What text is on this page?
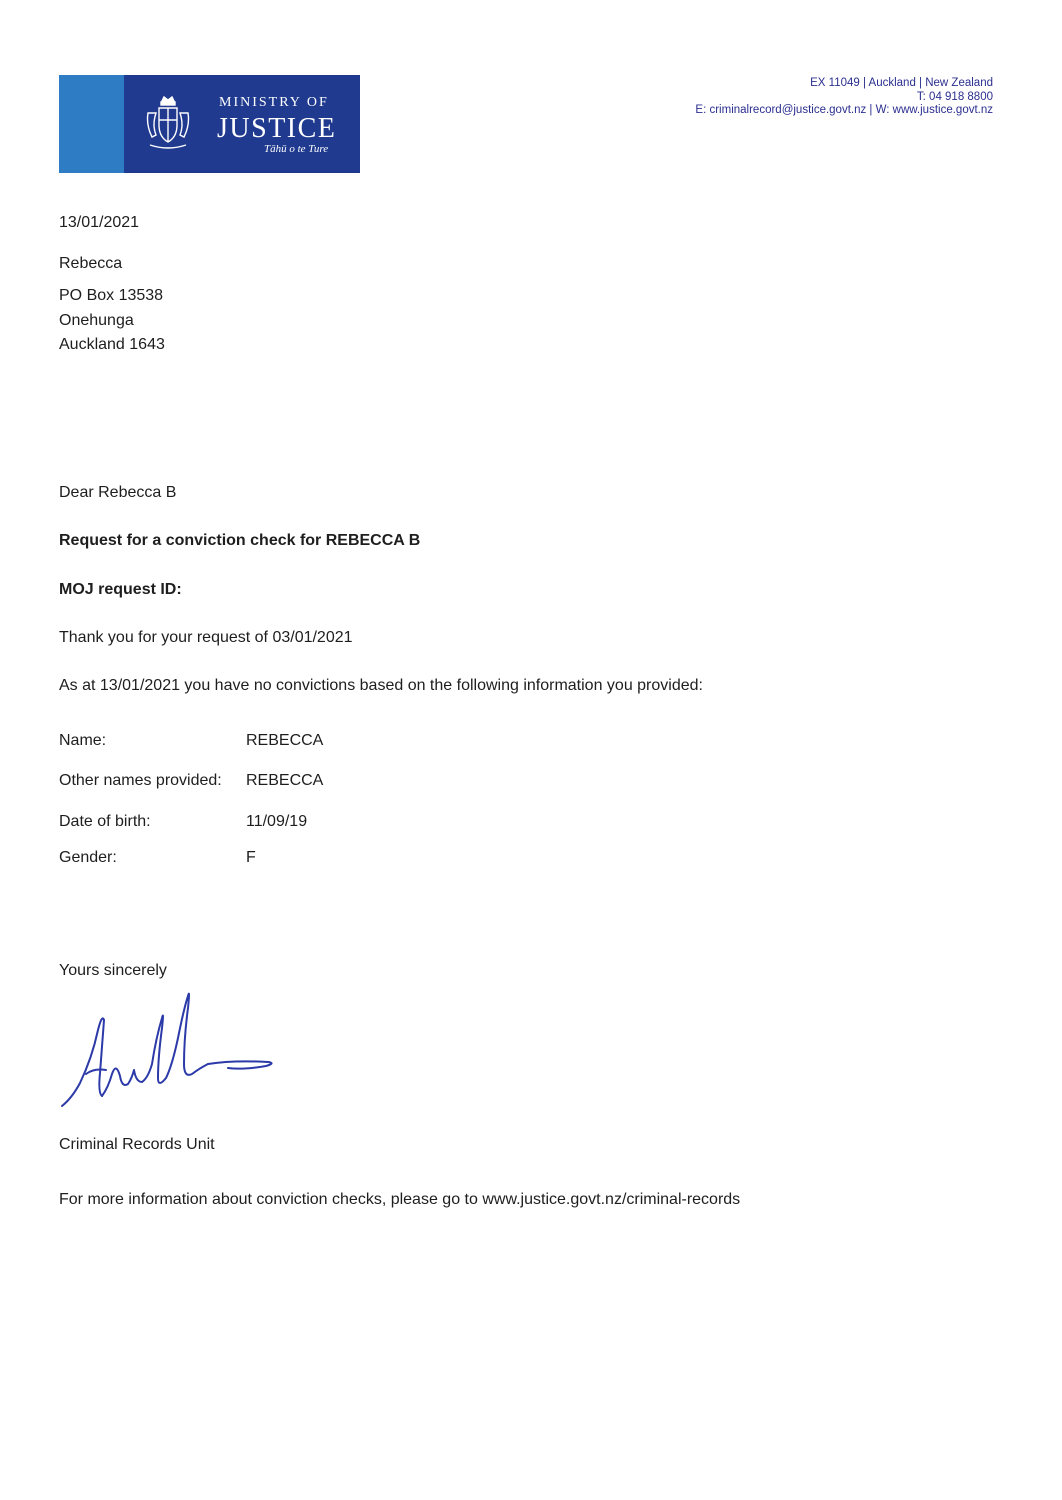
MINISTRY OF
JUSTICE
Tāhū o te Ture
EX 11049 | Auckland | New Zealand
T: 04 918 8800
E: criminalrecord@justice.govt.nz | W: www.justice.govt.nz
13/01/2021
Rebecca
PO Box 13538
Onehunga
Auckland 1643
Dear Rebecca B
Request for a conviction check for REBECCA B
MOJ request ID:
Thank you for your request of 03/01/2021
As at 13/01/2021 you have no convictions based on the following information you provided:
Name:	REBECCA
Other names provided: REBECCA
Date of birth:	11/09/19
Gender:	F
Yours sincerely
Criminal Records Unit
For more information about conviction checks, please go to www.justice.govt.nz/criminal-records
